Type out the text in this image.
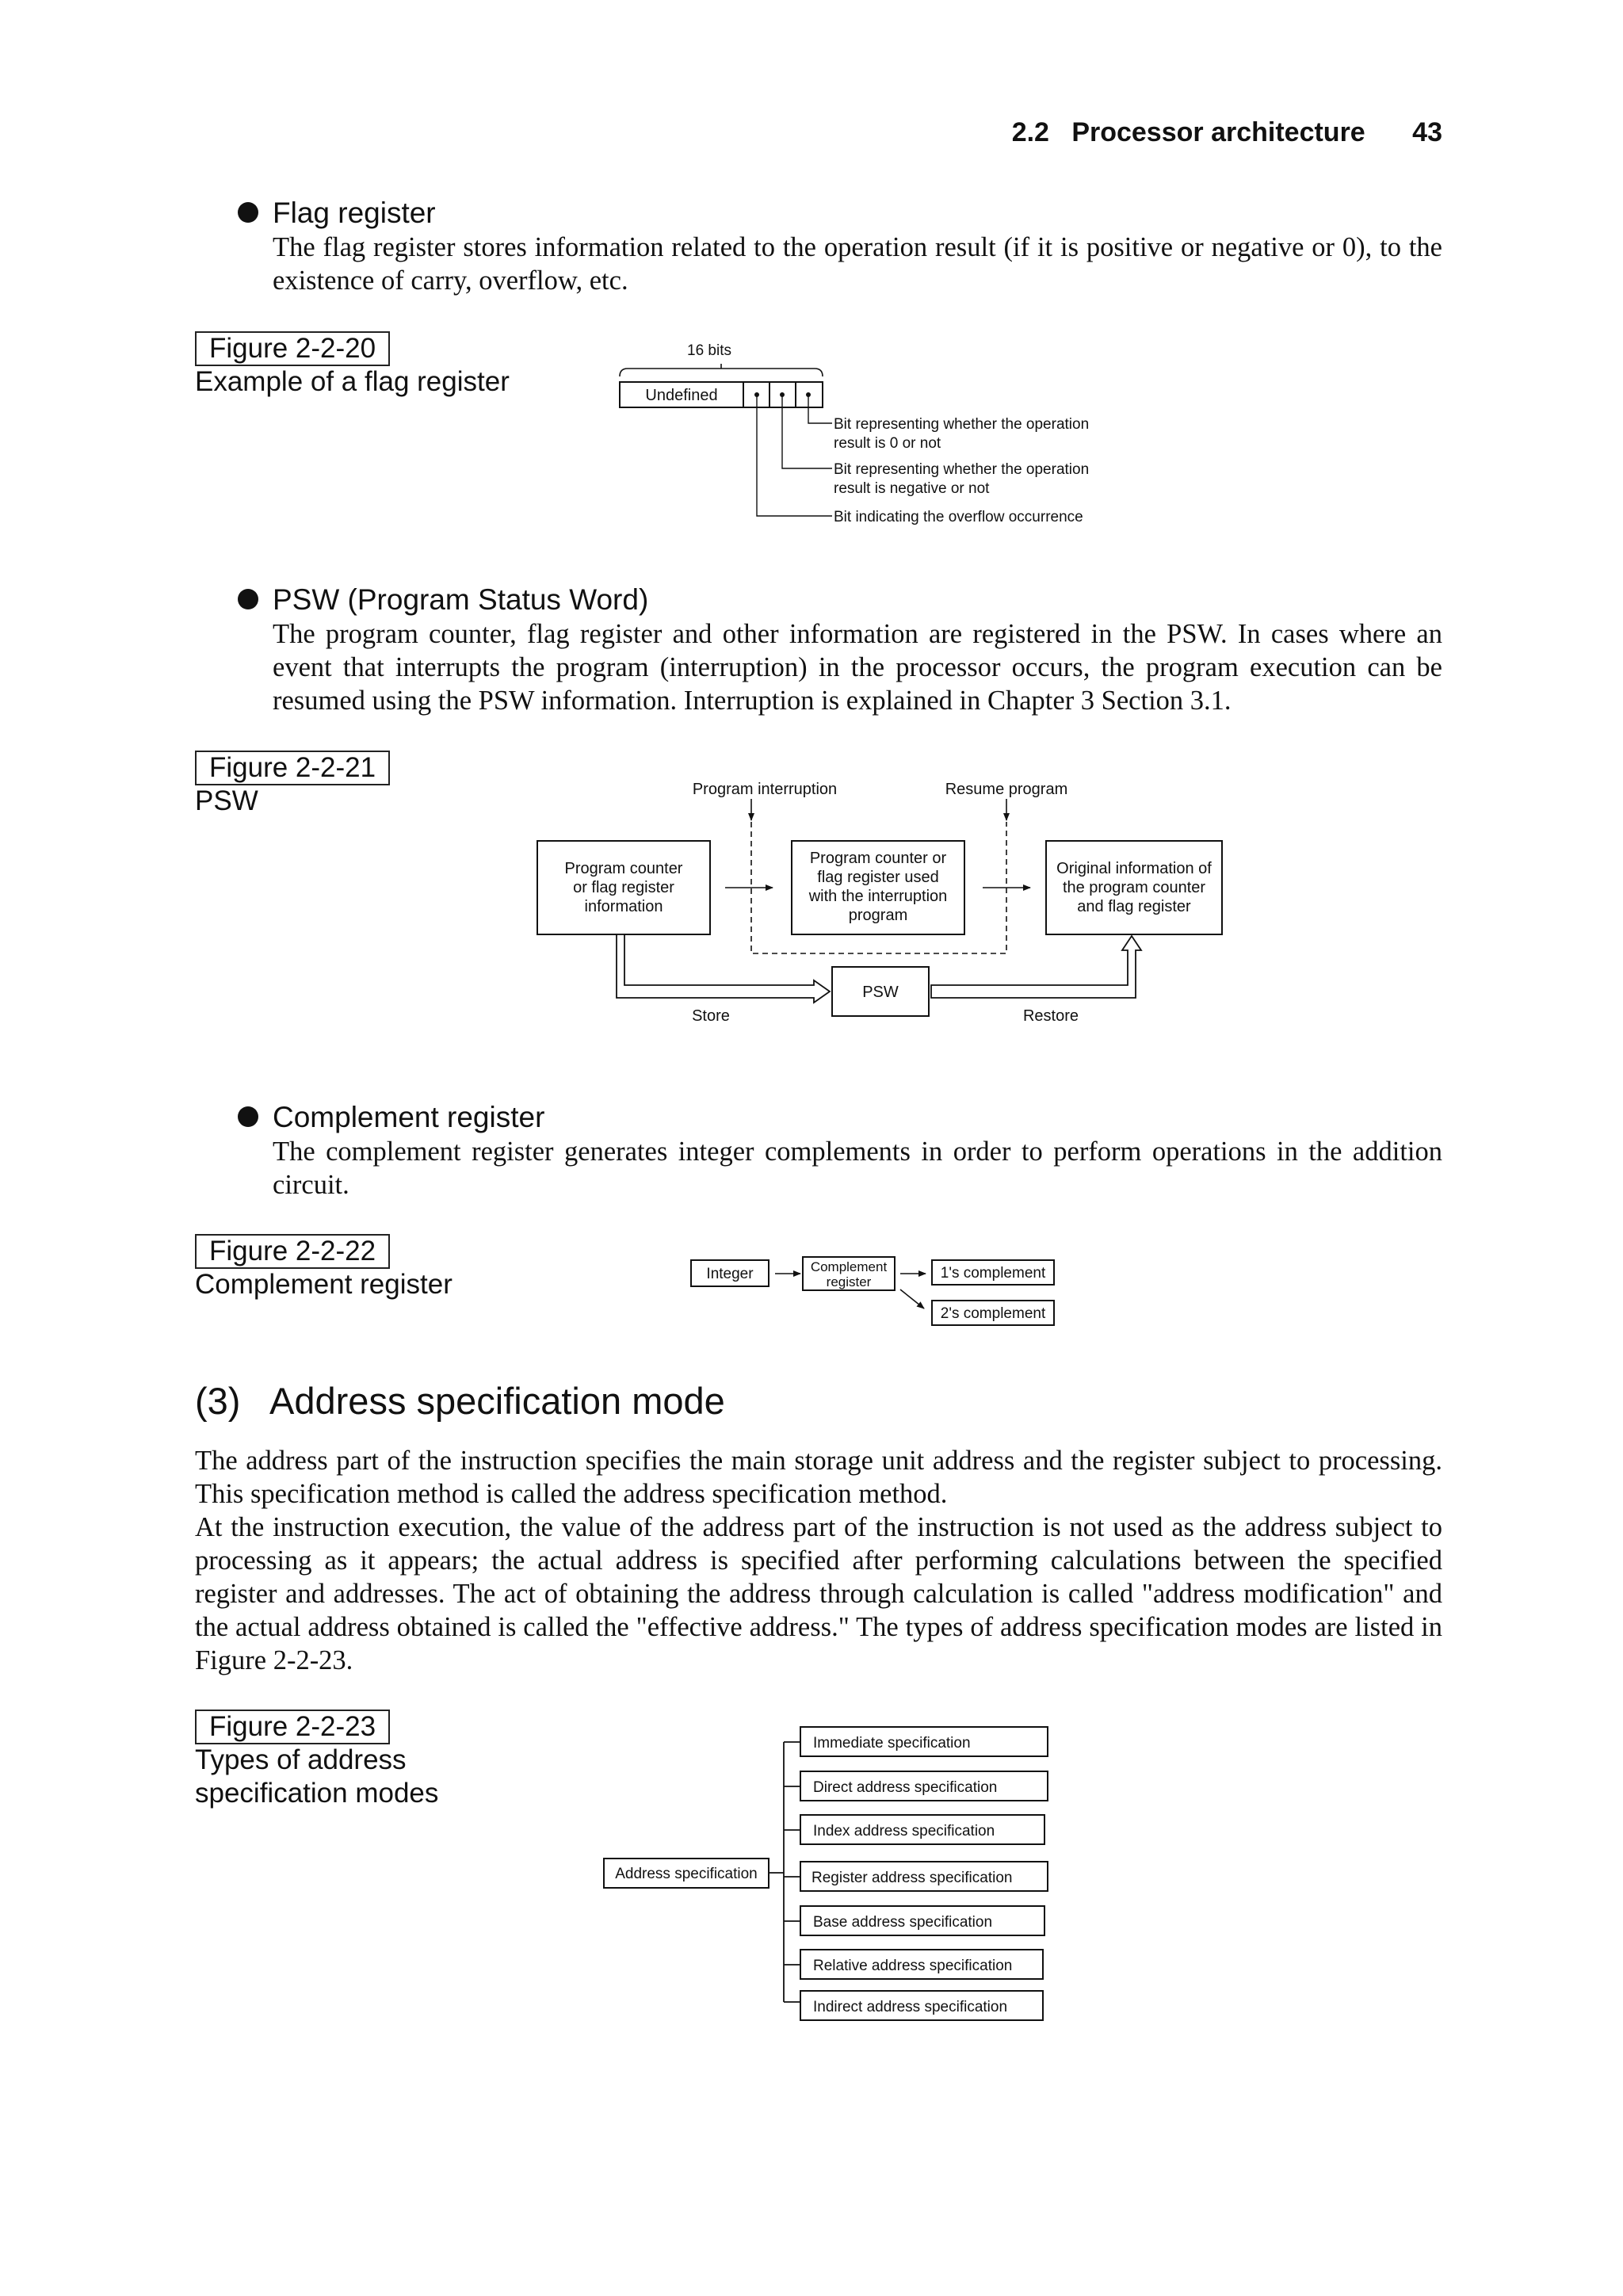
2.2 Processor architecture 43
Flag register
The flag register stores information related to the operation result (if it is positive or negative or 0), to the existence of carry, overflow, etc.
Figure 2-2-20
Example of a flag register
16 bits
Undefined
Bit representing whether the operation
result is 0 or not
Bit representing whether the operation
result is negative or not
Bit indicating the overflow occurrence
PSW (Program Status Word)
The program counter, flag register and other information are registered in the PSW. In cases where an event that interrupts the program (interruption) in the processor occurs, the program execution can be resumed using the PSW information. Interruption is explained in Chapter 3 Section 3.1.
Figure 2-2-21
PSW	Program interruption	Resume program
Program counter
or flag register
information
Program counter or
flag register used
with the interruption
program
Original information of
the program counter
and flag register
PSW
Store	Restore
Complement register
The complement register generates integer complements in order to perform operations in the addition circuit.
Figure 2-2-22
Complement register	Integer	Complement
register
1's complement
2's complement
(3)   Address specification mode

The address part of the instruction specifies the main storage unit address and the register subject to processing. This specification method is called the address specification method.

At the instruction execution, the value of the address part of the instruction is not used as the address subject to processing as it appears; the actual address is specified after performing calculations between the specified register and addresses. The act of obtaining the address through calculation is called "address modification" and the actual address obtained is called the "effective address." The types of address specification modes are listed in Figure 2-2-23.

Figure 2-2-23
Types of address
specification modes
Address specification
Immediate specification
Direct address specification
Index address specification
Register address specification
Base address specification
Relative address specification
Indirect address specification
